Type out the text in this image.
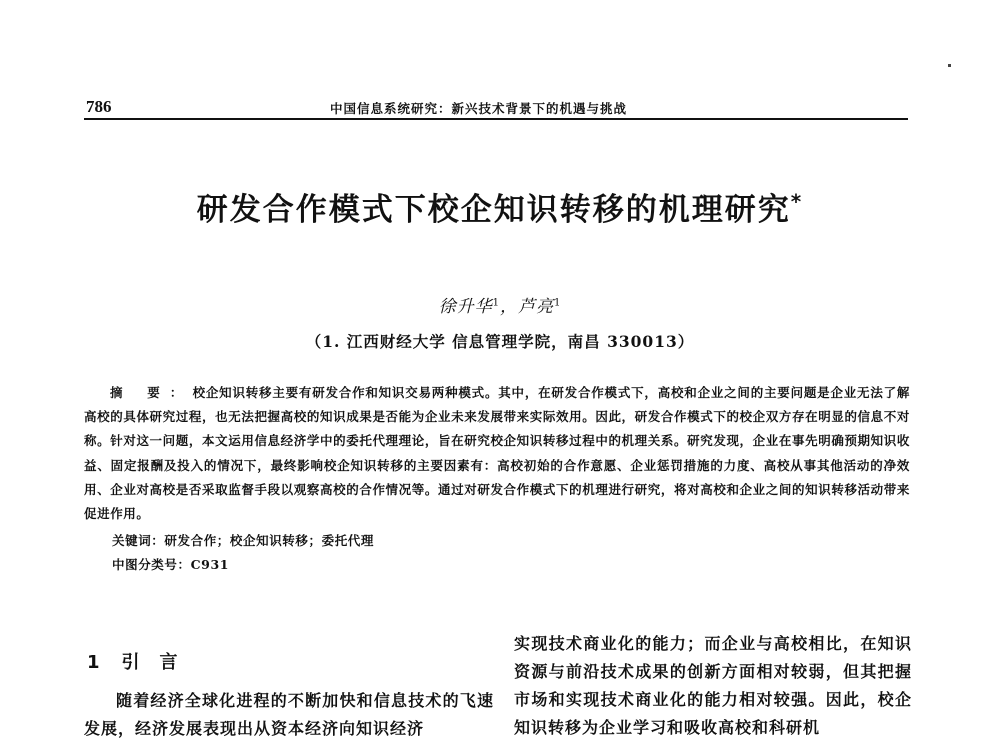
786	中国信息系统研究：新兴技术背景下的机遇与挑战
研发合作模式下校企知识转移的机理研究*
徐升华$^1$，芦亮$^1$
（1. 江西财经大学 信息管理学院，南昌 330013）

摘 要：校企知识转移主要有研发合作和知识交易两种模式。其中，在研发合作模式下，高校和企业之间的主要问题是企业无法了解高校的具体研究过程，也无法把握高校的知识成果是否能为企业未来发展带来实际效用。因此，研发合作模式下的校企双方存在明显的信息不对称。针对这一问题，本文运用信息经济学中的委托代理理论，旨在研究校企知识转移过程中的机理关系。研究发现，企业在事先明确预期知识收益、固定报酬及投入的情况下，最终影响校企知识转移的主要因素有：高校初始的合作意愿、企业惩罚措施的力度、高校从事其他活动的净效用、企业对高校是否采取监督手段以观察高校的合作情况等。通过对研发合作模式下的机理进行研究，将对高校和企业之间的知识转移活动带来促进作用。

关键词：研发合作；校企知识转移；委托代理
中图分类号：C931
1 引言

随着经济全球化进程的不断加快和信息技术的飞速发展，经济发展表现出从资本经济向知识经济

实现技术商业化的能力；而企业与高校相比，在知识资源与前沿技术成果的创新方面相对较弱，但其把握市场和实现技术商业化的能力相对较强。因此，校企知识转移为企业学习和吸收高校和科研机
